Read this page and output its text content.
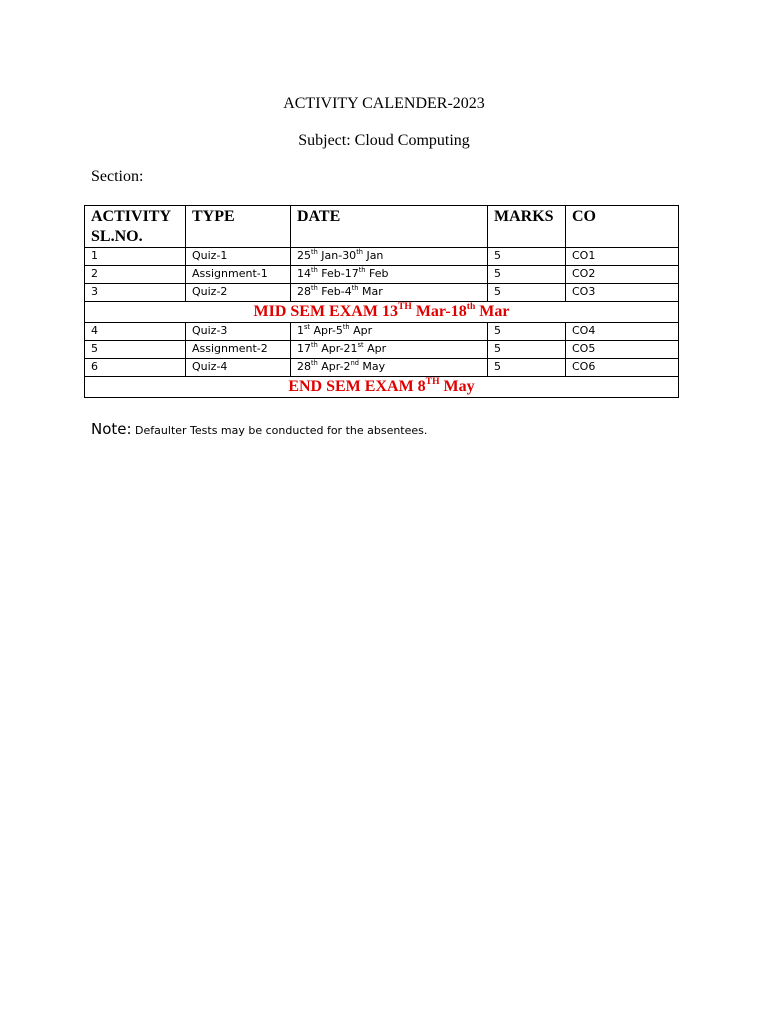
ACTIVITY CALENDER-2023
Subject: Cloud Computing
Section:
ACTIVITY SL.NO.	TYPE	DATE	MARKS	CO
1	Quiz-1	25th Jan-30th Jan	5	CO1
2	Assignment-1	14th Feb-17th Feb	5	CO2
3	Quiz-2	28th Feb-4th Mar	5	CO3
MID SEM EXAM 13TH Mar-18th Mar				
4	Quiz-3	1st Apr-5th Apr	5	CO4
5	Assignment-2	17th Apr-21st Apr	5	CO5
6	Quiz-4	28th Apr-2nd May	5	CO6
END SEM EXAM 8TH May				
Note: Defaulter Tests may be conducted for the absentees.
